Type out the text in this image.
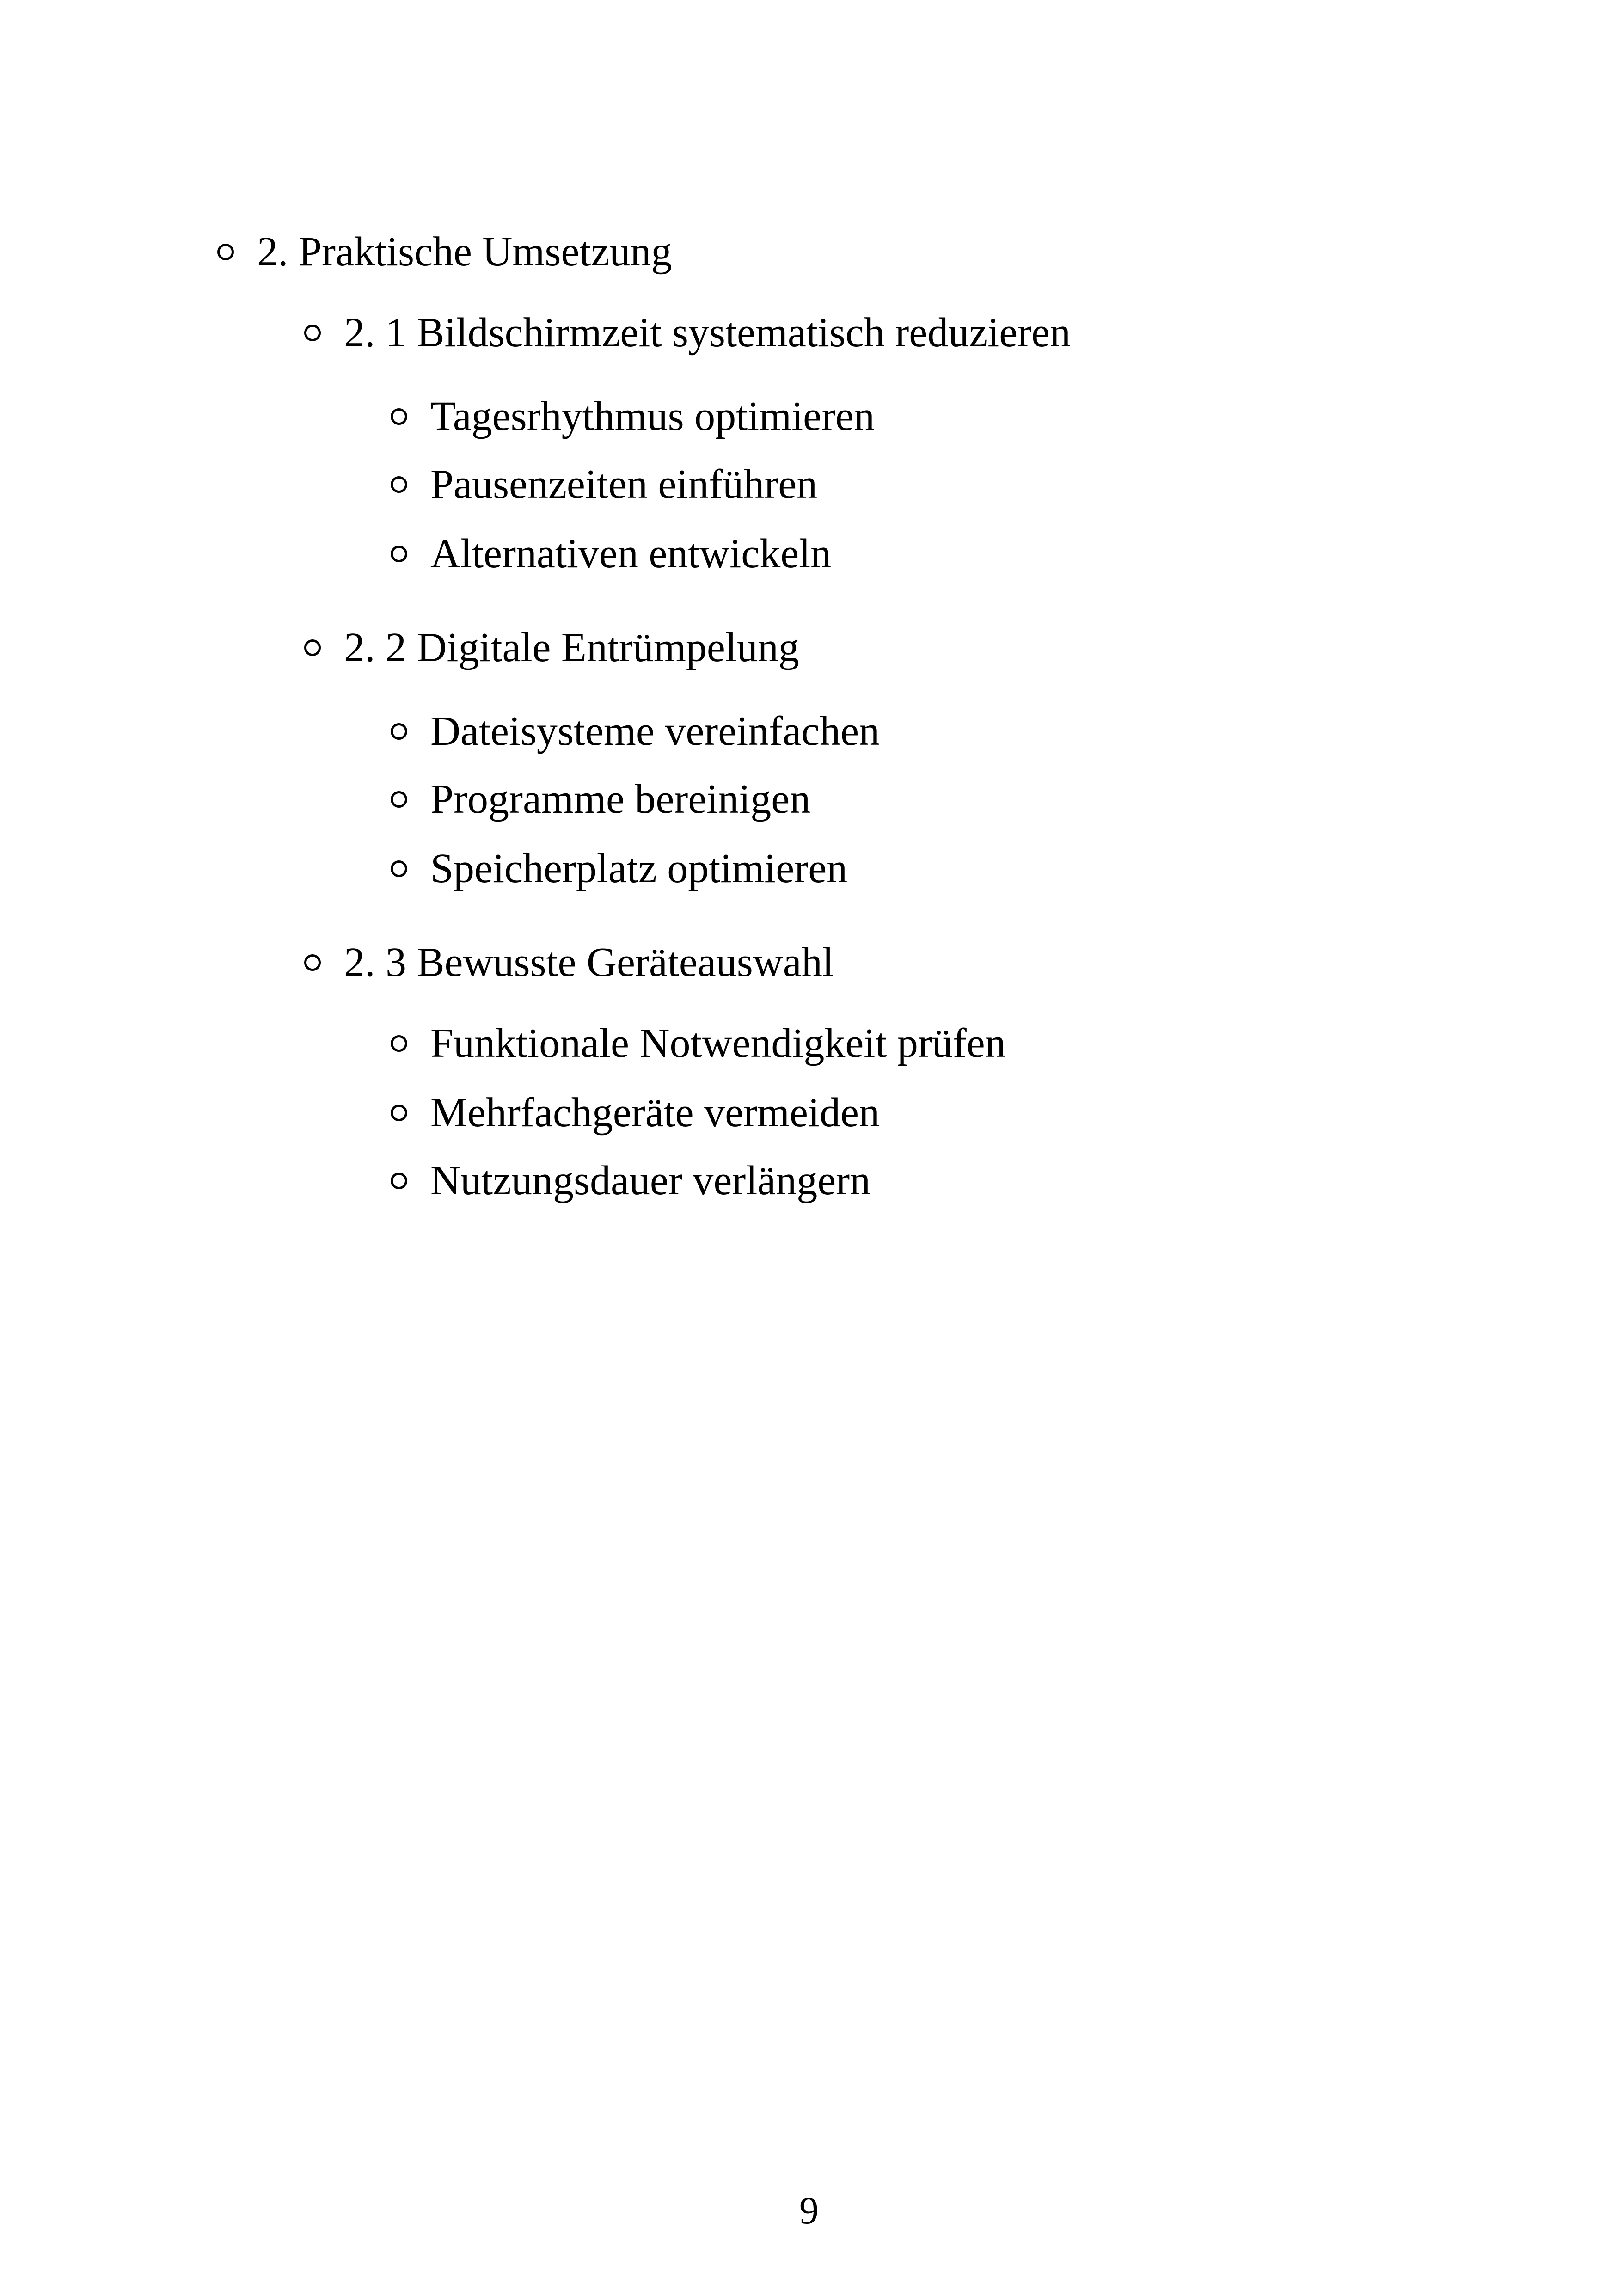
2. Praktische Umsetzung
2. 1 Bildschirmzeit systematisch reduzieren
Tagesrhythmus optimieren
Pausenzeiten einführen
Alternativen entwickeln
2. 2 Digitale Entrümpelung
Dateisysteme vereinfachen
Programme bereinigen
Speicherplatz optimieren
2. 3 Bewusste Geräteauswahl
Funktionale Notwendigkeit prüfen
Mehrfachgeräte vermeiden
Nutzungsdauer verlängern
9
